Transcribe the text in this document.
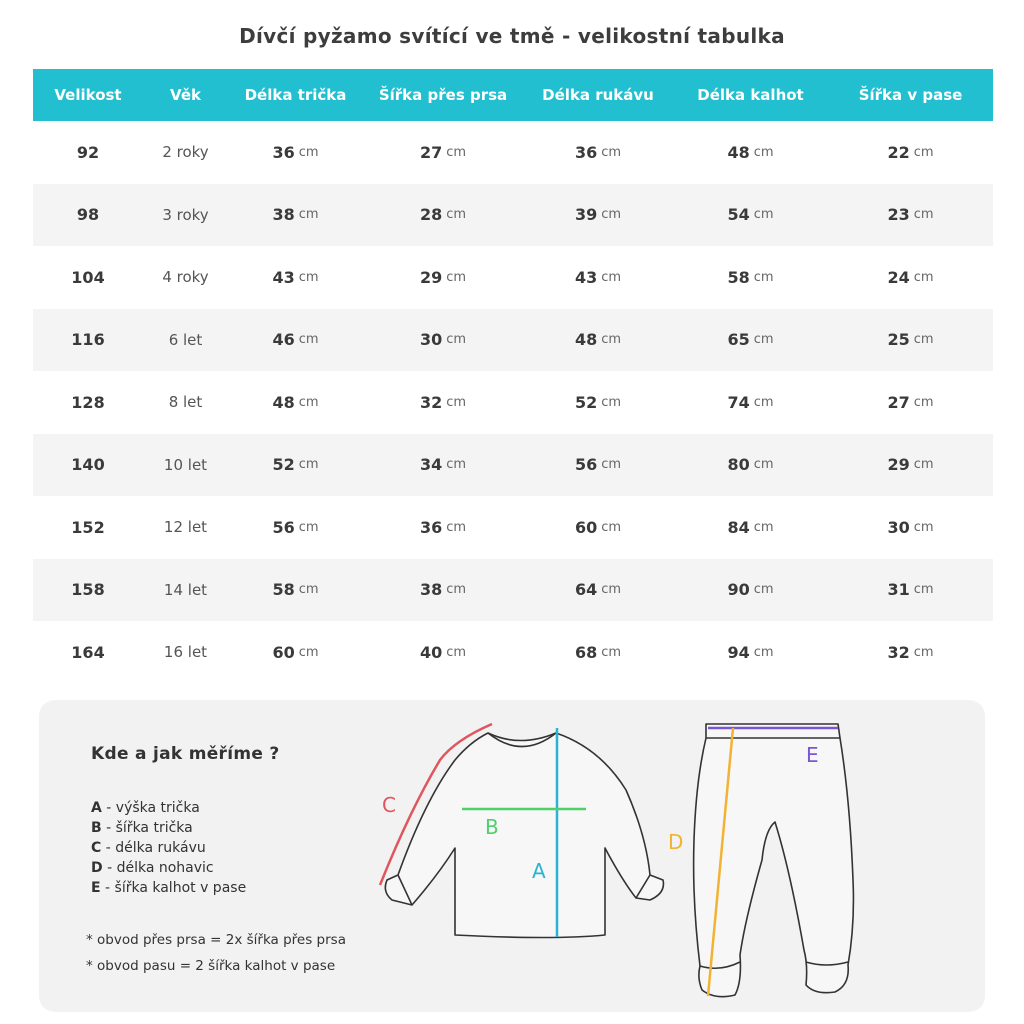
Dívčí pyžamo svítící ve tmě - velikostní tabulka
Velikost	Věk	Délka trička	Šířka přes prsa	Délka rukávu	Délka kalhot	Šířka v pase
92	2 roky	36 cm	27 cm	36 cm	48 cm	22 cm
98	3 roky	38 cm	28 cm	39 cm	54 cm	23 cm
104	4 roky	43 cm	29 cm	43 cm	58 cm	24 cm
116	6 let	46 cm	30 cm	48 cm	65 cm	25 cm
128	8 let	48 cm	32 cm	52 cm	74 cm	27 cm
140	10 let	52 cm	34 cm	56 cm	80 cm	29 cm
152	12 let	56 cm	36 cm	60 cm	84 cm	30 cm
158	14 let	58 cm	38 cm	64 cm	90 cm	31 cm
164	16 let	60 cm	40 cm	68 cm	94 cm	32 cm
Kde a jak měříme ?
A - výška trička
B - šířka trička
C - délka rukávu
D - délka nohavic
E - šířka kalhot v pase
* obvod přes prsa = 2x šířka přes prsa
* obvod pasu = 2 šířka kalhot v pase
C
B
A
D
E
